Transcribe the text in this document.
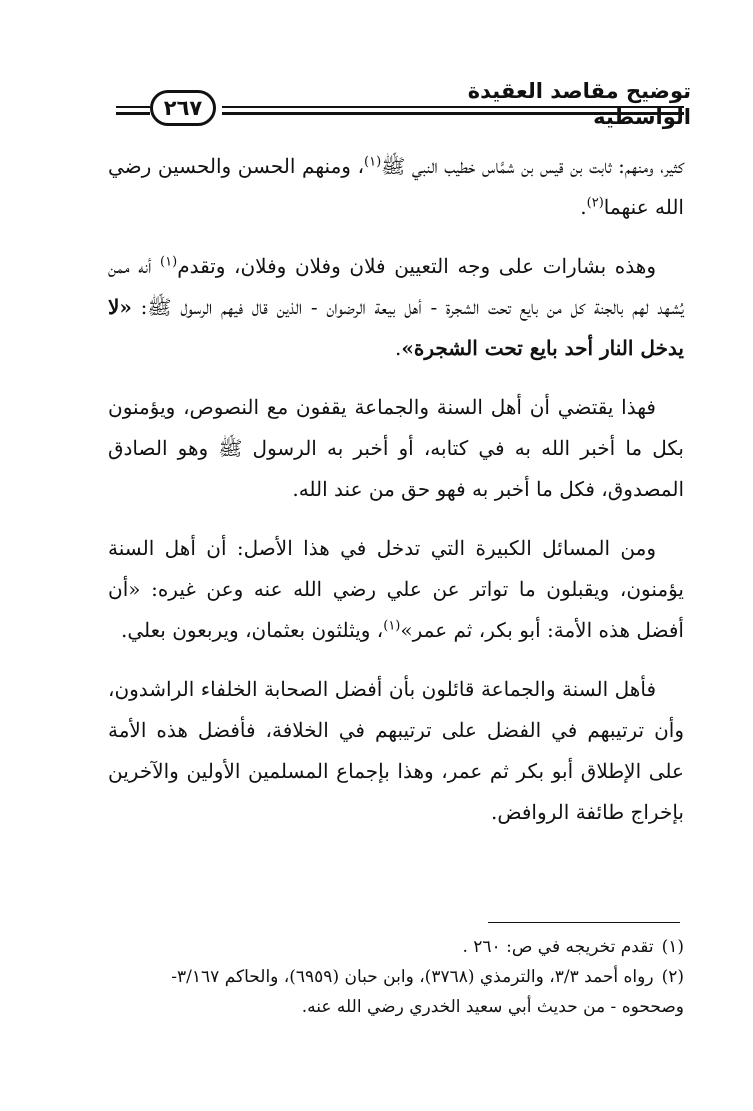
توضيح مقاصد العقيدة الواسطية
٢٦٧

كثير، ومنهم: ثابت بن قيس بن شمَّاس خطيب النبي ﷺ$^{(١)}$، ومنهم الحسن والحسين رضي الله عنهما$^{(٢)}$.

وهذه بشارات على وجه التعيين فلان وفلان وفلان، وتقدم$^{(١)}$ أنه ممن يُشهد لهم بالجنة كل من بايع تحت الشجرة - أهل بيعة الرضوان - الذين قال فيهم الرسول ﷺ: «لا يدخل النار أحد بايع تحت الشجرة».

فهذا يقتضي أن أهل السنة والجماعة يقفون مع النصوص، ويؤمنون بكل ما أخبر الله به في كتابه، أو أخبر به الرسول ﷺ وهو الصادق المصدوق، فكل ما أخبر به فهو حق من عند الله.

ومن المسائل الكبيرة التي تدخل في هذا الأصل: أن أهل السنة يؤمنون، ويقبلون ما تواتر عن علي رضي الله عنه وعن غيره: «أن أفضل هذه الأمة: أبو بكر، ثم عمر»$^{(١)}$، ويثلثون بعثمان، ويربعون بعلي.

فأهل السنة والجماعة قائلون بأن أفضل الصحابة الخلفاء الراشدون، وأن ترتيبهم في الفضل على ترتيبهم في الخلافة، فأفضل هذه الأمة على الإطلاق أبو بكر ثم عمر، وهذا بإجماع المسلمين الأولين والآخرين بإخراج طائفة الروافض.

(١)تقدم تخريجه في ص: ٢٦٠ .

(٢)رواه أحمد ٣/٣، والترمذي (٣٧٦٨)، وابن حبان (٦٩٥٩)، والحاكم ٣/١٦٧- وصححوه - من حديث أبي سعيد الخدري رضي الله عنه.
